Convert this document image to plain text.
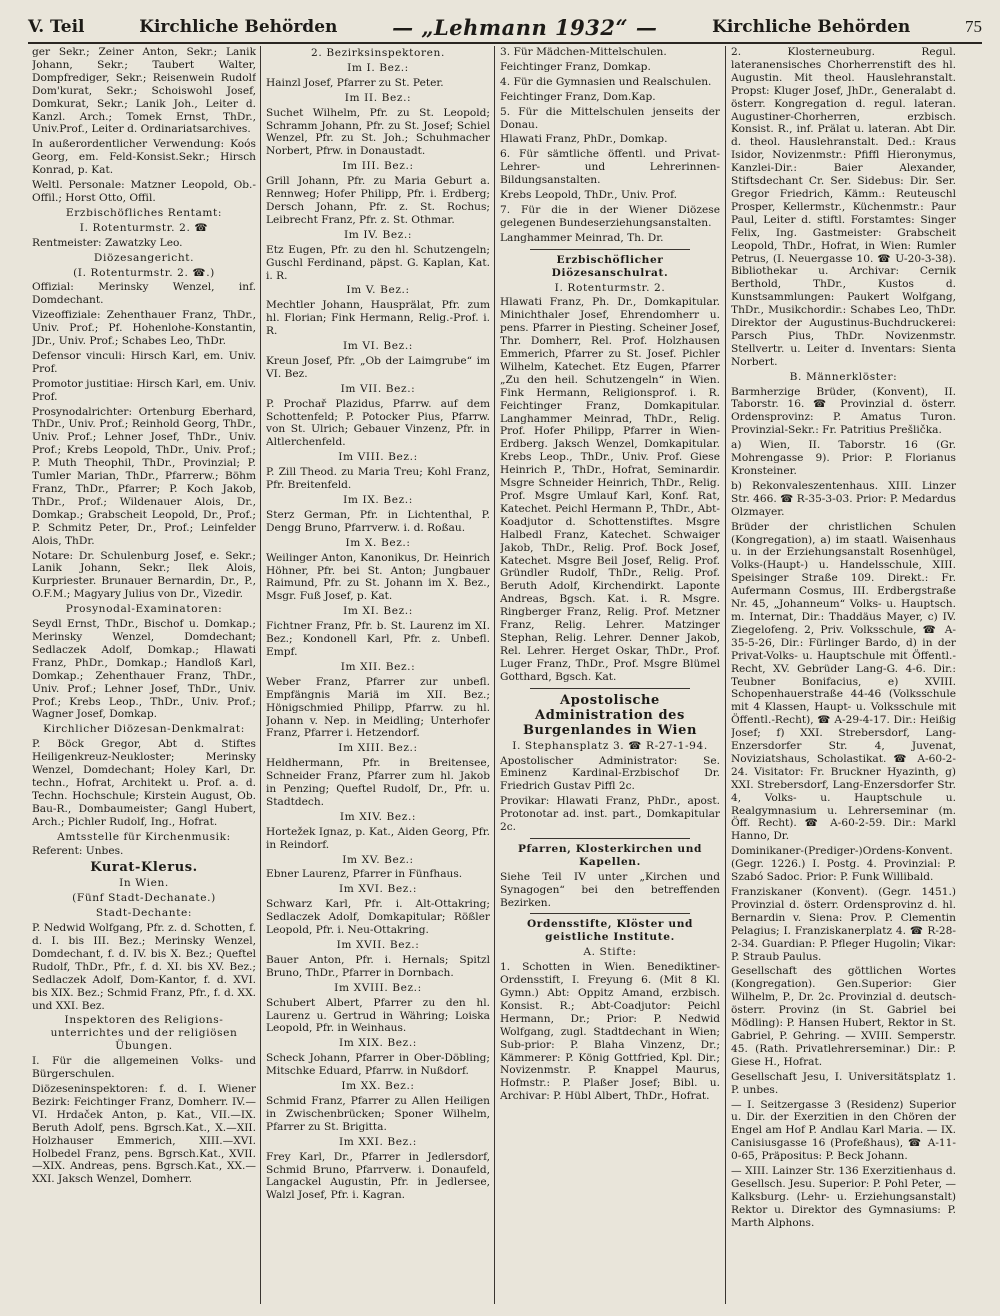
V. Teil	Kirchliche Behörden	— „Lehmann 1932“ —	Kirchliche Behörden	75
ger Sekr.; Zeiner Anton, Sekr.; Lanik Johann, Sekr.; Taubert Walter, Dompfrediger, Sekr.; Reisenwein Rudolf Dom'kurat, Sekr.; Schoiswohl Josef, Domkurat, Sekr.; Lanik Joh., Leiter d. Kanzl. Arch.; Tomek Ernst, ThDr., Univ.Prof., Leiter d. Ordinariatsarchives.
In außerordentlicher Verwendung: Koós Georg, em. Feld-Konsist.Sekr.; Hirsch Konrad, p. Kat.
Weltl. Personale: Matzner Leopold, Ob.-Offil.; Horst Otto, Offil.
Erzbischöfliches Rentamt:
I. Rotenturmstr. 2. ☎
Rentmeister: Zawatzky Leo.
Diözesangericht.
(I. Rotenturmstr. 2. ☎.)
Offizial: Merinsky Wenzel, inf. Domdechant.
Vizeoffiziale: Zehenthauer Franz, ThDr., Univ. Prof.; Pf. Hohenlohe-Konstantin, JDr., Univ. Prof.; Schabes Leo, ThDr.
Defensor vinculi: Hirsch Karl, em. Univ. Prof.
Promotor justitiae: Hirsch Karl, em. Univ. Prof.
Prosynodalrichter: Ortenburg Eberhard, ThDr., Univ. Prof.; Reinhold Georg, ThDr., Univ. Prof.; Lehner Josef, ThDr., Univ. Prof.; Krebs Leopold, ThDr., Univ. Prof.; P. Muth Theophil, ThDr., Provinzial; P. Tumler Marian, ThDr., Pfarrerw.; Böhm Franz, ThDr., Pfarrer; P. Koch Jakob, ThDr., Prof.; Wildenauer Alois, Dr., Domkap.; Grabscheit Leopold, Dr., Prof.; P. Schmitz Peter, Dr., Prof.; Leinfelder Alois, ThDr.
Notare: Dr. Schulenburg Josef, e. Sekr.; Lanik Johann, Sekr.; Ilek Alois, Kurpriester. Brunauer Bernardin, Dr., P., O.F.M.; Magyary Julius von Dr., Vizedir.
Prosynodal-Examinatoren:
Seydl Ernst, ThDr., Bischof u. Domkap.; Merinsky Wenzel, Domdechant; Sedlaczek Adolf, Domkap.; Hlawati Franz, PhDr., Domkap.; Handloß Karl, Domkap.; Zehenthauer Franz, ThDr., Univ. Prof.; Lehner Josef, ThDr., Univ. Prof.; Krebs Leop., ThDr., Univ. Prof.; Wagner Josef, Domkap.
Kirchlicher Diözesan-Denkmalrat:
P. Böck Gregor, Abt d. Stiftes Heiligenkreuz-Neukloster; Merinsky Wenzel, Domdechant; Holey Karl, Dr. techn., Hofrat, Architekt u. Prof. a. d. Techn. Hochschule; Kirstein August, Ob. Bau-R., Dombaumeister; Gangl Hubert, Arch.; Pichler Rudolf, Ing., Hofrat.
Amtsstelle für Kirchenmusik:
Referent: Unbes.
Kurat-Klerus.
In Wien.
(Fünf Stadt-Dechanate.)
Stadt-Dechante:
P. Nedwid Wolfgang, Pfr. z. d. Schotten, f. d. I. bis III. Bez.; Merinsky Wenzel, Domdechant, f. d. IV. bis X. Bez.; Queftel Rudolf, ThDr., Pfr., f. d. XI. bis XV. Bez.; Sedlaczek Adolf, Dom-Kantor, f. d. XVI. bis XIX. Bez.; Schmid Franz, Pfr., f. d. XX. und XXI. Bez.
Inspektoren des Religions-unterrichtes und der religiösen Übungen.
I. Für die allgemeinen Volks- und Bürgerschulen.
Diözeseninspektoren: f. d. I. Wiener Bezirk: Feichtinger Franz, Domherr. IV.—VI. Hrdaček Anton, p. Kat., VII.—IX. Beruth Adolf, pens. Bgrsch.Kat., X.—XII. Holzhauser Emmerich, XIII.—XVI. Holbedel Franz, pens. Bgrsch.Kat., XVII.—XIX. Andreas, pens. Bgrsch.Kat., XX.—XXI. Jaksch Wenzel, Domherr.
2. Bezirksinspektoren.
Im I. Bez.:
Hainzl Josef, Pfarrer zu St. Peter.
Im II. Bez.:
Suchet Wilhelm, Pfr. zu St. Leopold; Schramm Johann, Pfr. zu St. Josef; Schiel Wenzel, Pfr. zu St. Joh.; Schuhmacher Norbert, Pfrw. in Donaustadt.
Im III. Bez.:
Grill Johann, Pfr. zu Maria Geburt a. Rennweg; Hofer Philipp, Pfr. i. Erdberg; Dersch Johann, Pfr. z. St. Rochus; Leibrecht Franz, Pfr. z. St. Othmar.
Im IV. Bez.:
Etz Eugen, Pfr. zu den hl. Schutzengeln; Guschl Ferdinand, päpst. G. Kaplan, Kat. i. R.
Im V. Bez.:
Mechtler Johann, Hausprälat, Pfr. zum hl. Florian; Fink Hermann, Relig.-Prof. i. R.
Im VI. Bez.:
Kreun Josef, Pfr. „Ob der Laimgrube“ im VI. Bez.
Im VII. Bez.:
P. Prochař Plazidus, Pfarrw. auf dem Schottenfeld; P. Potocker Pius, Pfarrw. von St. Ulrich; Gebauer Vinzenz, Pfr. in Altlerchenfeld.
Im VIII. Bez.:
P. Zill Theod. zu Maria Treu; Kohl Franz, Pfr. Breitenfeld.
Im IX. Bez.:
Sterz German, Pfr. in Lichtenthal, P. Dengg Bruno, Pfarrverw. i. d. Roßau.
Im X. Bez.:
Weilinger Anton, Kanonikus, Dr. Heinrich Höhner, Pfr. bei St. Anton; Jungbauer Raimund, Pfr. zu St. Johann im X. Bez., Msgr. Fuß Josef, p. Kat.
Im XI. Bez.:
Fichtner Franz, Pfr. b. St. Laurenz im XI. Bez.; Kondonell Karl, Pfr. z. Unbefl. Empf.
Im XII. Bez.:
Weber Franz, Pfarrer zur unbefl. Empfängnis Mariä im XII. Bez.; Hönigschmied Philipp, Pfarrw. zu hl. Johann v. Nep. in Meidling; Unterhofer Franz, Pfarrer i. Hetzendorf.
Im XIII. Bez.:
Heldhermann, Pfr. in Breitensee, Schneider Franz, Pfarrer zum hl. Jakob in Penzing; Queftel Rudolf, Dr., Pfr. u. Stadtdech.
Im XIV. Bez.:
Hortežek Ignaz, p. Kat., Aiden Georg, Pfr. in Reindorf.
Im XV. Bez.:
Ebner Laurenz, Pfarrer in Fünfhaus.
Im XVI. Bez.:
Schwarz Karl, Pfr. i. Alt-Ottakring; Sedlaczek Adolf, Domkapitular; Rößler Leopold, Pfr. i. Neu-Ottakring.
Im XVII. Bez.:
Bauer Anton, Pfr. i. Hernals; Spitzl Bruno, ThDr., Pfarrer in Dornbach.
Im XVIII. Bez.:
Schubert Albert, Pfarrer zu den hl. Laurenz u. Gertrud in Währing; Loiska Leopold, Pfr. in Weinhaus.
Im XIX. Bez.:
Scheck Johann, Pfarrer in Ober-Döbling; Mitschke Eduard, Pfarrw. in Nußdorf.
Im XX. Bez.:
Schmid Franz, Pfarrer zu Allen Heiligen in Zwischenbrücken; Sponer Wilhelm, Pfarrer zu St. Brigitta.
Im XXI. Bez.:
Frey Karl, Dr., Pfarrer in Jedlersdorf, Schmid Bruno, Pfarrverw. i. Donaufeld, Langackel Augustin, Pfr. in Jedlersee, Walzl Josef, Pfr. i. Kagran.
3. Für Mädchen-Mittelschulen.
Feichtinger Franz, Domkap.
4. Für die Gymnasien und Realschulen.
Feichtinger Franz, Dom.Kap.
5. Für die Mittelschulen jenseits der Donau.
Hlawati Franz, PhDr., Domkap.
6. Für sämtliche öffentl. und Privat-Lehrer- und Lehrerinnen-Bildungsanstalten.
Krebs Leopold, ThDr., Univ. Prof.
7. Für die in der Wiener Diözese gelegenen Bundeserziehungsanstalten.
Langhammer Meinrad, Th. Dr.
Erzbischöflicher Diözesanschulrat.
I. Rotenturmstr. 2.
Hlawati Franz, Ph. Dr., Domkapitular. Minichthaler Josef, Ehrendomherr u. pens. Pfarrer in Piesting. Scheiner Josef, Thr. Domherr, Rel. Prof. Holzhausen Emmerich, Pfarrer zu St. Josef. Pichler Wilhelm, Katechet. Etz Eugen, Pfarrer „Zu den heil. Schutzengeln“ in Wien. Fink Hermann, Religionsprof. i. R. Feichtinger Franz, Domkapitular. Langhammer Meinrad, ThDr., Relig. Prof. Hofer Philipp, Pfarrer in Wien-Erdberg. Jaksch Wenzel, Domkapitular. Krebs Leop., ThDr., Univ. Prof. Giese Heinrich P., ThDr., Hofrat, Seminardir. Msgre Schneider Heinrich, ThDr., Relig. Prof. Msgre Umlauf Karl, Konf. Rat, Katechet. Peichl Hermann P., ThDr., Abt-Koadjutor d. Schottenstiftes. Msgre Halbedl Franz, Katechet. Schwaiger Jakob, ThDr., Relig. Prof. Bock Josef, Katechet. Msgre Beil Josef, Relig. Prof. Gründler Rudolf, ThDr., Relig. Prof. Beruth Adolf, Kirchendirkt. Laponte Andreas, Bgsch. Kat. i. R. Msgre. Ringberger Franz, Relig. Prof. Metzner Franz, Relig. Lehrer. Matzinger Stephan, Relig. Lehrer. Denner Jakob, Rel. Lehrer. Herget Oskar, ThDr., Prof. Luger Franz, ThDr., Prof. Msgre Blümel Gotthard, Bgsch. Kat.
Apostolische Administration des Burgenlandes in Wien
I. Stephansplatz 3. ☎ R-27-1-94.
Apostolischer Administrator: Se. Eminenz Kardinal-Erzbischof Dr. Friedrich Gustav Piffl 2c.
Provikar: Hlawati Franz, PhDr., apost. Protonotar ad. inst. part., Domkapitular 2c.
Pfarren, Klosterkirchen und Kapellen.
Siehe Teil IV unter „Kirchen und Synagogen“ bei den betreffenden Bezirken.
Ordensstifte, Klöster und geistliche Institute.
A. Stifte:
1. Schotten in Wien. Benediktiner-Ordensstift, I. Freyung 6. (Mit 8 Kl. Gymn.) Abt: Oppitz Amand, erzbisch. Konsist. R.; Abt-Coadjutor: Peichl Hermann, Dr.; Prior: P. Nedwid Wolfgang, zugl. Stadtdechant in Wien; Sub-prior: P. Blaha Vinzenz, Dr.; Kämmerer: P. König Gottfried, Kpl. Dir.; Novizenmstr. P. Knappel Maurus, Hofmstr.: P. Plaßer Josef; Bibl. u. Archivar: P. Hübl Albert, ThDr., Hofrat.
2. Klosterneuburg. Regul. lateranensisches Chorherrenstift des hl. Augustin. Mit theol. Hauslehranstalt. Propst: Kluger Josef, JhDr., Generalabt d. österr. Kongregation d. regul. lateran. Augustiner-Chorherren, erzbisch. Konsist. R., inf. Prälat u. lateran. Abt Dir. d. theol. Hauslehranstalt. Ded.: Kraus Isidor, Novizenmstr.: Pfiffl Hieronymus, Kanzlei-Dir.: Baier Alexander, Stiftsdechant Cr. Ser. Sidebus: Dir. Ser. Gregor Friedrich, Kämm.: Reuteuschl Prosper, Kellermstr., Küchenmstr.: Paur Paul, Leiter d. stiftl. Forstamtes: Singer Felix, Ing. Gastmeister: Grabscheit Leopold, ThDr., Hofrat, in Wien: Rumler Petrus, (I. Neuergasse 10. ☎ U-20-3-38). Bibliothekar u. Archivar: Cernik Berthold, ThDr., Kustos d. Kunstsammlungen: Paukert Wolfgang, ThDr., Musikchordir.: Schabes Leo, ThDr. Direktor der Augustinus-Buchdruckerei: Parsch Pius, ThDr. Novizenmstr. Stellvertr. u. Leiter d. Inventars: Sienta Norbert.
B. Männerklöster:
Barmherzige Brüder, (Konvent), II. Taborstr. 16. ☎ Provinzial d. österr. Ordensprovinz: P. Amatus Turon. Provinzial-Sekr.: Fr. Patritius Prešlička.
a) Wien, II. Taborstr. 16 (Gr. Mohrengasse 9). Prior: P. Florianus Kronsteiner.
b) Rekonvaleszentenhaus. XIII. Linzer Str. 466. ☎ R-35-3-03. Prior: P. Medardus Olzmayer.
Brüder der christlichen Schulen (Kongregation), a) im staatl. Waisenhaus u. in der Erziehungsanstalt Rosenhügel, Volks-(Haupt-) u. Handelsschule, XIII. Speisinger Straße 109. Direkt.: Fr. Aufermann Cosmus, III. Erdbergstraße Nr. 45, „Johanneum“ Volks- u. Hauptsch. m. Internat, Dir.: Thaddäus Mayer, c) IV. Ziegelofeng. 2, Priv. Volksschule, ☎ A-35-5-26, Dir.: Fürlinger Bardo, d) in der Privat-Volks- u. Hauptschule mit Öffentl.-Recht, XV. Gebrüder Lang-G. 4-6. Dir.: Teubner Bonifacius, e) XVIII. Schopenhauerstraße 44-46 (Volksschule mit 4 Klassen, Haupt- u. Volksschule mit Öffentl.-Recht), ☎ A-29-4-17. Dir.: Heißig Josef; f) XXI. Strebersdorf, Lang-Enzersdorfer Str. 4, Juvenat, Noviziatshaus, Scholastikat. ☎ A-60-2-24. Visitator: Fr. Bruckner Hyazinth, g) XXI. Strebersdorf, Lang-Enzersdorfer Str. 4, Volks- u. Hauptschule u. Realgymnasium u. Lehrerseminar (m. Öff. Recht). ☎ A-60-2-59. Dir.: Markl Hanno, Dr.
Dominikaner-(Prediger-)Ordens-Konvent. (Gegr. 1226.) I. Postg. 4. Provinzial: P. Szabó Sadoc. Prior: P. Funk Willibald.
Franziskaner (Konvent). (Gegr. 1451.) Provinzial d. österr. Ordensprovinz d. hl. Bernardin v. Siena: Prov. P. Clementin Pelagius; I. Franziskanerplatz 4. ☎ R-28-2-34. Guardian: P. Pfleger Hugolin; Vikar: P. Straub Paulus.
Gesellschaft des göttlichen Wortes (Kongregation). Gen.Superior: Gier Wilhelm, P., Dr. 2c. Provinzial d. deutsch-österr. Provinz (in St. Gabriel bei Mödling): P. Hansen Hubert, Rektor in St. Gabriel, P. Gehring. — XVIII. Semperstr. 45. (Rath. Privatlehrerseminar.) Dir.: P. Giese H., Hofrat.
Gesellschaft Jesu, I. Universitätsplatz 1. P. unbes.
— I. Seitzergasse 3 (Residenz) Superior u. Dir. der Exerzitien in den Chören der Engel am Hof P. Andlau Karl Maria. — IX. Canisiusgasse 16 (Profeßhaus), ☎ A-11-0-65, Präpositus: P. Beck Johann.
— XIII. Lainzer Str. 136 Exerzitienhaus d. Gesellsch. Jesu. Superior: P. Pohl Peter, — Kalksburg. (Lehr- u. Erziehungsanstalt) Rektor u. Direktor des Gymnasiums: P. Marth Alphons.
